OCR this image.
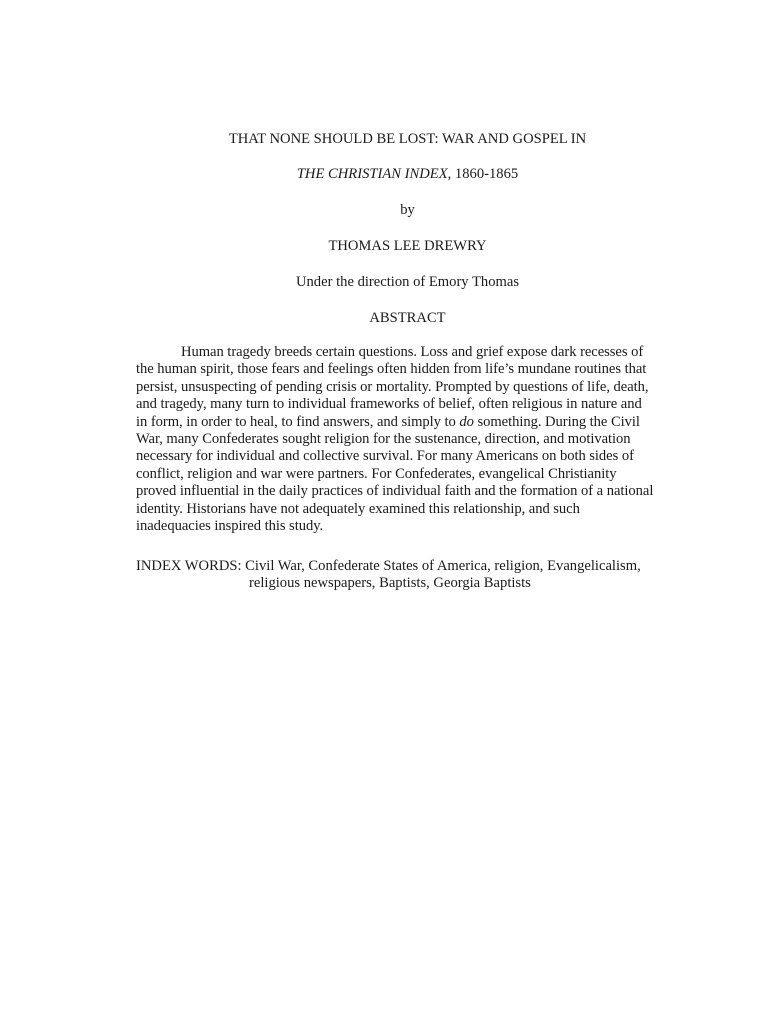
THAT NONE SHOULD BE LOST: WAR AND GOSPEL IN
THE CHRISTIAN INDEX, 1860-1865
by
THOMAS LEE DREWRY
Under the direction of Emory Thomas
ABSTRACT
Human tragedy breeds certain questions. Loss and grief expose dark recesses of
the human spirit, those fears and feelings often hidden from life’s mundane routines that
persist, unsuspecting of pending crisis or mortality. Prompted by questions of life, death,
and tragedy, many turn to individual frameworks of belief, often religious in nature and
in form, in order to heal, to find answers, and simply to do something. During the Civil
War, many Confederates sought religion for the sustenance, direction, and motivation
necessary for individual and collective survival. For many Americans on both sides of
conflict, religion and war were partners. For Confederates, evangelical Christianity
proved influential in the daily practices of individual faith and the formation of a national
identity. Historians have not adequately examined this relationship, and such
inadequacies inspired this study.
INDEX WORDS: Civil War, Confederate States of America, religion, Evangelicalism,
religious newspapers, Baptists, Georgia Baptists
